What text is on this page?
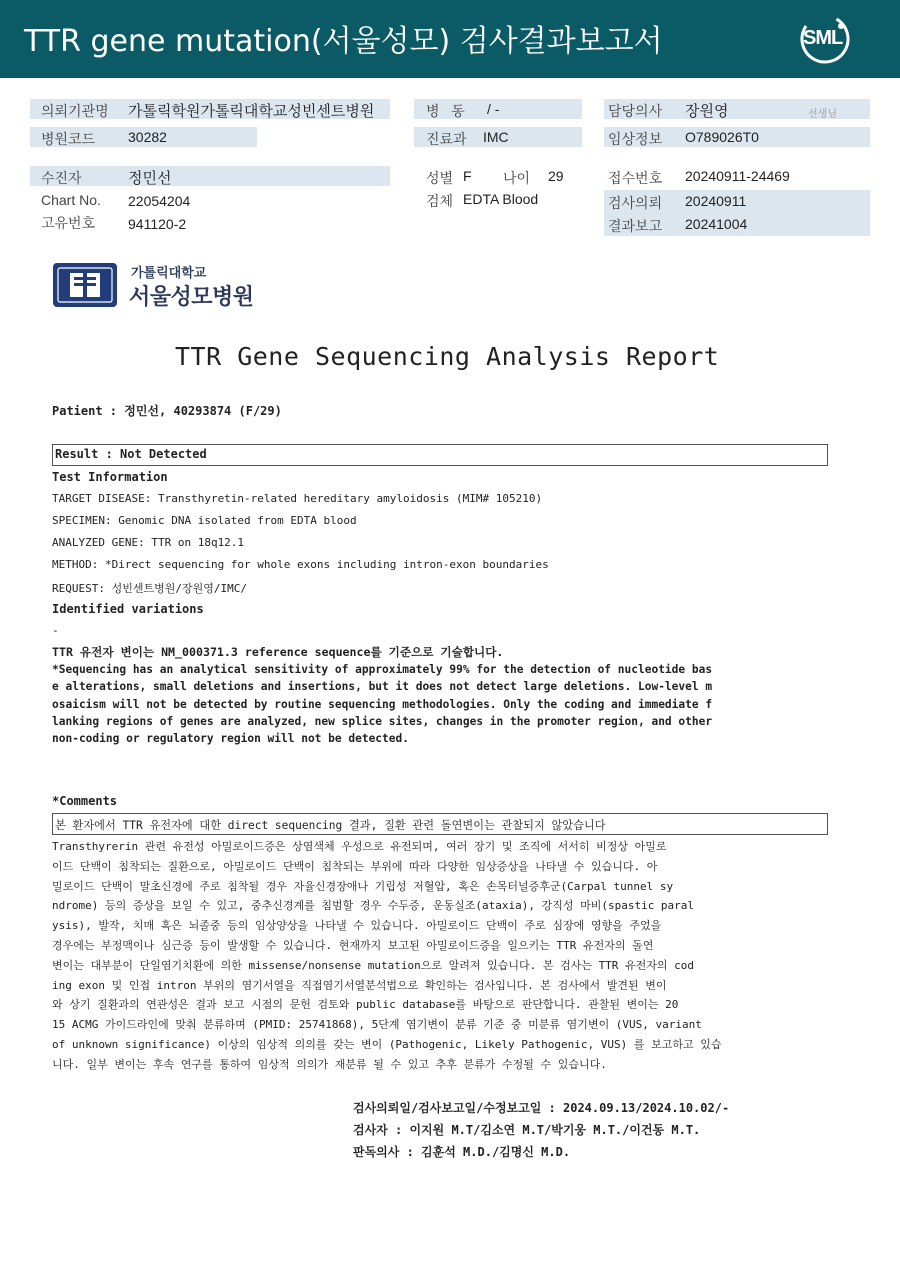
TTR gene mutation(서울성모) 검사결과보고서	SML
의뢰기관명 가톨릭학원가톨릭대학교성빈센트병원
병원코드 30282
병   동 / -
진료과 IMC
담당의사 장원영	선생님
임상정보 O789026T0
수진자	정민선
Chart No. 22054204
고유번호 941120-2
성별 F 나이 29
검체 EDTA Blood
접수번호 20240911-24469
검사의뢰 20240911
결과보고 20241004
가톨릭대학교
서울성모병원
TTR Gene Sequencing Analysis Report
Patient : 정민선, 40293874 (F/29)
Result : Not Detected
Test Information
TARGET DISEASE: Transthyretin-related hereditary amyloidosis (MIM# 105210)
SPECIMEN: Genomic DNA isolated from EDTA blood
ANALYZED GENE: TTR on 18q12.1
METHOD: *Direct sequencing for whole exons including intron-exon boundaries
REQUEST: 성빈센트병원/장원영/IMC/
Identified variations
-
TTR 유전자 변이는 NM_000371.3 reference sequence를 기준으로 기술합니다.
*Sequencing has an analytical sensitivity of approximately 99% for the detection of nucleotide bas
e alterations, small deletions and insertions, but it does not detect large deletions. Low-level m
osaicism will not be detected by routine sequencing methodologies. Only the coding and immediate f
lanking regions of genes are analyzed, new splice sites, changes in the promoter region, and other
non-coding or regulatory region will not be detected.
*Comments
본 환자에서 TTR 유전자에 대한 direct sequencing 결과, 질환 관련 돌연변이는 관찰되지 않았습니다
Transthyrerin 관련 유전성 아밀로이드증은 상염색체 우성으로 유전되며, 여러 장기 및 조직에 서서히 비정상 아밀로
이드 단백이 침착되는 질환으로, 아밀로이드 단백이 침착되는 부위에 따라 다양한 임상증상을 나타낼 수 있습니다. 아
밀로이드 단백이 말초신경에 주로 침착될 경우 자율신경장애나 기립성 저혈압, 혹은 손목터널증후군(Carpal tunnel sy
ndrome) 등의 증상을 보일 수 있고, 중추신경계를 침범할 경우 수두증, 운동실조(ataxia), 강직성 마비(spastic paral
ysis), 발작, 치매 혹은 뇌졸중 등의 임상양상을 나타낼 수 있습니다. 아밀로이드 단백이 주로 심장에 영향을 주었을
경우에는 부정맥이나 심근증 등이 발생할 수 있습니다. 현재까지 보고된 아밀로이드증을 일으키는 TTR 유전자의 돌연
변이는 대부분이 단일염기치환에 의한 missense/nonsense mutation으로 알려져 있습니다. 본 검사는 TTR 유전자의 cod
ing exon 및 인접 intron 부위의 염기서열을 직접염기서열분석법으로 확인하는 검사입니다. 본 검사에서 발견된 변이
와 상기 질환과의 연관성은 결과 보고 시점의 문헌 검토와 public database를 바탕으로 판단합니다. 관찰된 변이는 20
15 ACMG 가이드라인에 맞춰 분류하며 (PMID: 25741868), 5단계 염기변이 분류 기준 중 미분류 염기변이 (VUS, variant
of unknown significance) 이상의 임상적 의의를 갖는 변이 (Pathogenic, Likely Pathogenic, VUS) 를 보고하고 있습
니다. 일부 변이는 후속 연구를 통하여 임상적 의의가 재분류 될 수 있고 추후 분류가 수정될 수 있습니다.
검사의뢰일/검사보고일/수정보고일 : 2024.09.13/2024.10.02/-
검사자 : 이지원 M.T/김소연 M.T/박기웅 M.T./이건동 M.T.
판독의사 : 김훈석 M.D./김명신 M.D.
